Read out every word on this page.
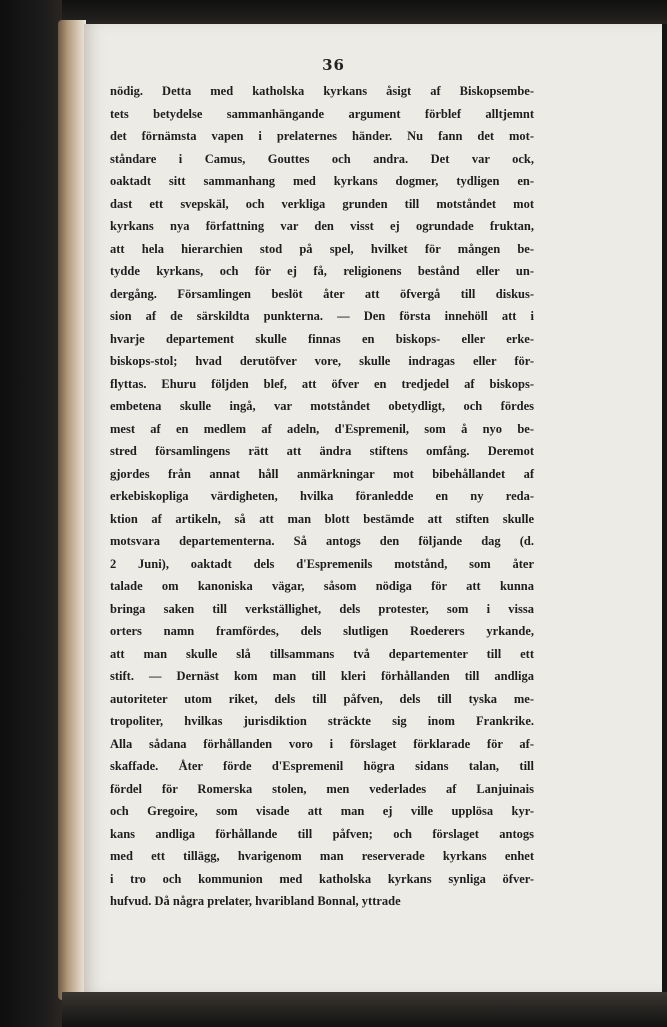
36
nödig. Detta med katholska kyrkans åsigt af Biskopsembe-
tets betydelse sammanhängande argument förblef alltjemnt
det förnämsta vapen i prelaternes händer. Nu fann det mot-
ståndare i Camus, Gouttes och andra. Det var ock,
oaktadt sitt sammanhang med kyrkans dogmer, tydligen en-
dast ett svepskäl, och verkliga grunden till motståndet mot
kyrkans nya författning var den visst ej ogrundade fruktan,
att hela hierarchien stod på spel, hvilket för mången be-
tydde kyrkans, och för ej få, religionens bestånd eller un-
dergång. Församlingen beslöt åter att öfvergå till diskus-
sion af de särskildta punkterna. — Den första innehöll att i
hvarje departement skulle finnas en biskops- eller erke-
biskops-stol; hvad derutöfver vore, skulle indragas eller för-
flyttas. Ehuru följden blef, att öfver en tredjedel af biskops-
embetena skulle ingå, var motståndet obetydligt, och fördes
mest af en medlem af adeln, d'Espremenil, som å nyo be-
stred församlingens rätt att ändra stiftens omfång. Deremot
gjordes från annat håll anmärkningar mot bibehållandet af
erkebiskopliga värdigheten, hvilka föranledde en ny reda-
ktion af artikeln, så att man blott bestämde att stiften skulle
motsvara departementerna. Så antogs den följande dag (d.
2 Juni), oaktadt dels d'Espremenils motstånd, som åter
talade om kanoniska vägar, såsom nödiga för att kunna
bringa saken till verkställighet, dels protester, som i vissa
orters namn framfördes, dels slutligen Roederers yrkande,
att man skulle slå tillsammans två departementer till ett
stift. — Dernäst kom man till kleri förhållanden till andliga
autoriteter utom riket, dels till påfven, dels till tyska me-
tropoliter, hvilkas jurisdiktion sträckte sig inom Frankrike.
Alla sådana förhållanden voro i förslaget förklarade för af-
skaffade. Åter förde d'Espremenil högra sidans talan, till
fördel för Romerska stolen, men vederlades af Lanjuinais
och Gregoire, som visade att man ej ville upplösa kyr-
kans andliga förhållande till påfven; och förslaget antogs
med ett tillägg, hvarigenom man reserverade kyrkans enhet
i tro och kommunion med katholska kyrkans synliga öfver-
hufvud. Då några prelater, hvaribland Bonnal, yttrade
